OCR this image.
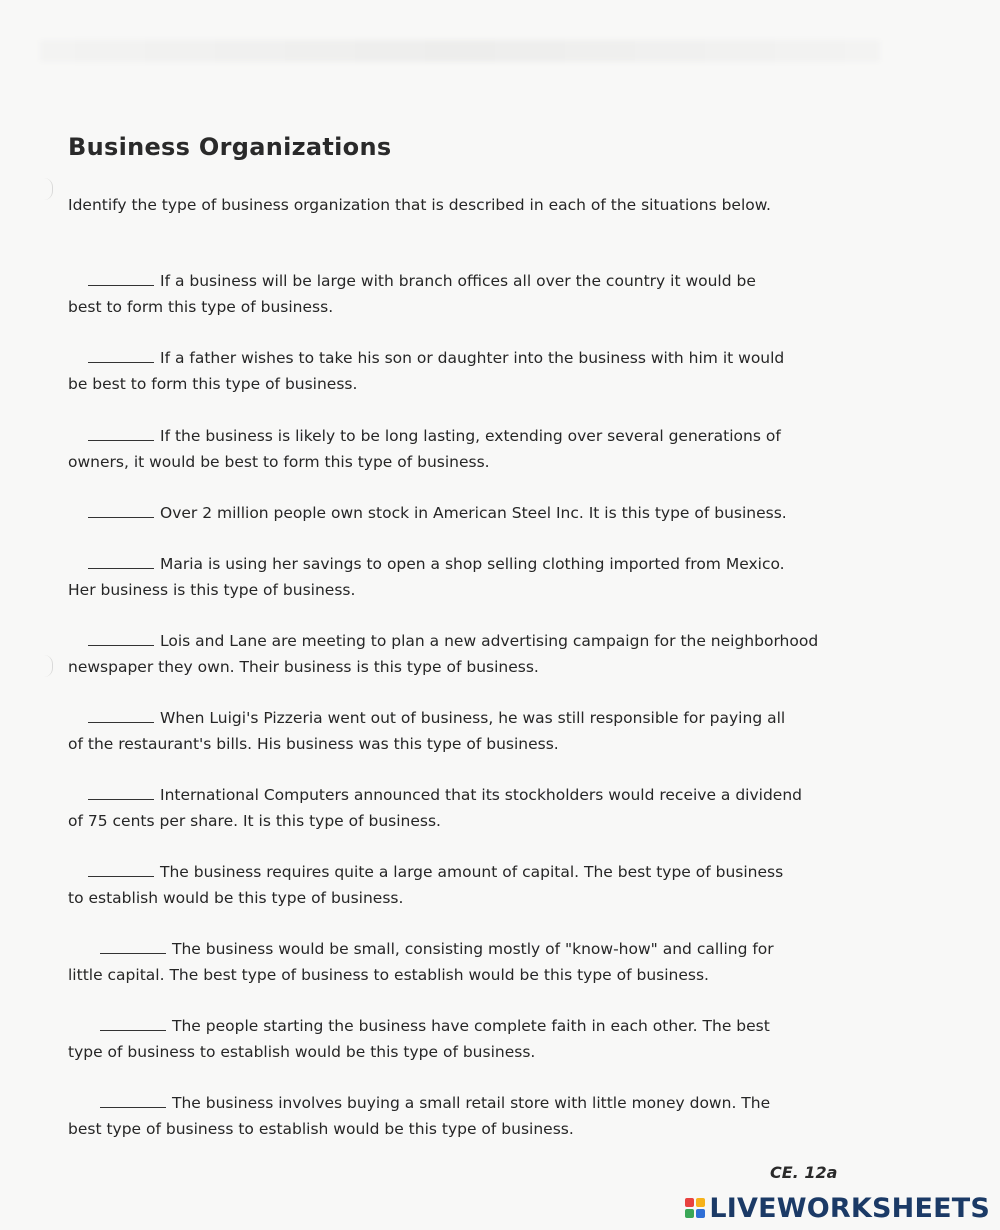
Business Organizations
Identify the type of business organization that is described in each of the situations below.
If a business will be large with branch offices all over the country it would be
best to form this type of business.
If a father wishes to take his son or daughter into the business with him it would
be best to form this type of business.
If the business is likely to be long lasting, extending over several generations of
owners, it would be best to form this type of business.
Over 2 million people own stock in American Steel Inc. It is this type of business.
Maria is using her savings to open a shop selling clothing imported from Mexico.
Her business is this type of business.
Lois and Lane are meeting to plan a new advertising campaign for the neighborhood
newspaper they own. Their business is this type of business.
When Luigi's Pizzeria went out of business, he was still responsible for paying all
of the restaurant's bills. His business was this type of business.
International Computers announced that its stockholders would receive a dividend
of 75 cents per share. It is this type of business.
The business requires quite a large amount of capital. The best type of business
to establish would be this type of business.
The business would be small, consisting mostly of "know-how" and calling for
little capital. The best type of business to establish would be this type of business.
The people starting the business have complete faith in each other. The best
type of business to establish would be this type of business.
The business involves buying a small retail store with little money down. The
best type of business to establish would be this type of business.
CE. 12a
LIVEWORKSHEETS
